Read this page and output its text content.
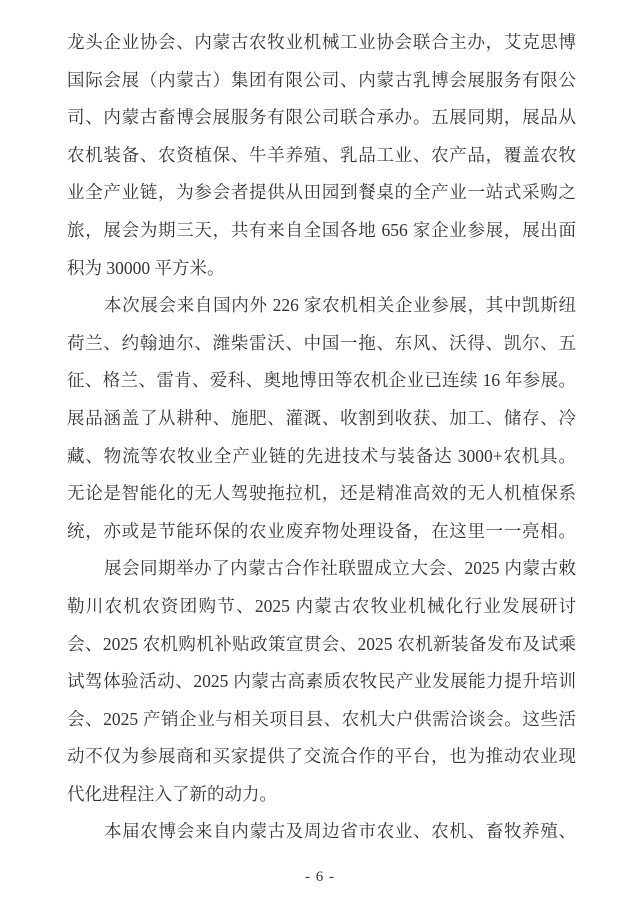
龙头企业协会、内蒙古农牧业机械工业协会联合主办，艾克思博
国际会展（内蒙古）集团有限公司、内蒙古乳博会展服务有限公
司、内蒙古畜博会展服务有限公司联合承办。五展同期，展品从
农机装备、农资植保、牛羊养殖、乳品工业、农产品，覆盖农牧
业全产业链，为参会者提供从田园到餐桌的全产业一站式采购之
旅，展会为期三天，共有来自全国各地 656 家企业参展，展出面
积为 30000 平方米。
本次展会来自国内外 226 家农机相关企业参展，其中凯斯纽
荷兰、约翰迪尔、潍柴雷沃、中国一拖、东风、沃得、凯尔、五
征、格兰、雷肯、爱科、奥地博田等农机企业已连续 16 年参展。
展品涵盖了从耕种、施肥、灌溉、收割到收获、加工、储存、冷
藏、物流等农牧业全产业链的先进技术与装备达 3000+农机具。
无论是智能化的无人驾驶拖拉机，还是精准高效的无人机植保系
统，亦或是节能环保的农业废弃物处理设备，在这里一一亮相。
展会同期举办了内蒙古合作社联盟成立大会、2025 内蒙古敕
勒川农机农资团购节、2025 内蒙古农牧业机械化行业发展研讨
会、2025 农机购机补贴政策宣贯会、2025 农机新装备发布及试乘
试驾体验活动、2025 内蒙古高素质农牧民产业发展能力提升培训
会、2025 产销企业与相关项目县、农机大户供需洽谈会。这些活
动不仅为参展商和买家提供了交流合作的平台，也为推动农业现
代化进程注入了新的动力。
本届农博会来自内蒙古及周边省市农业、农机、畜牧养殖、
- 6 -
